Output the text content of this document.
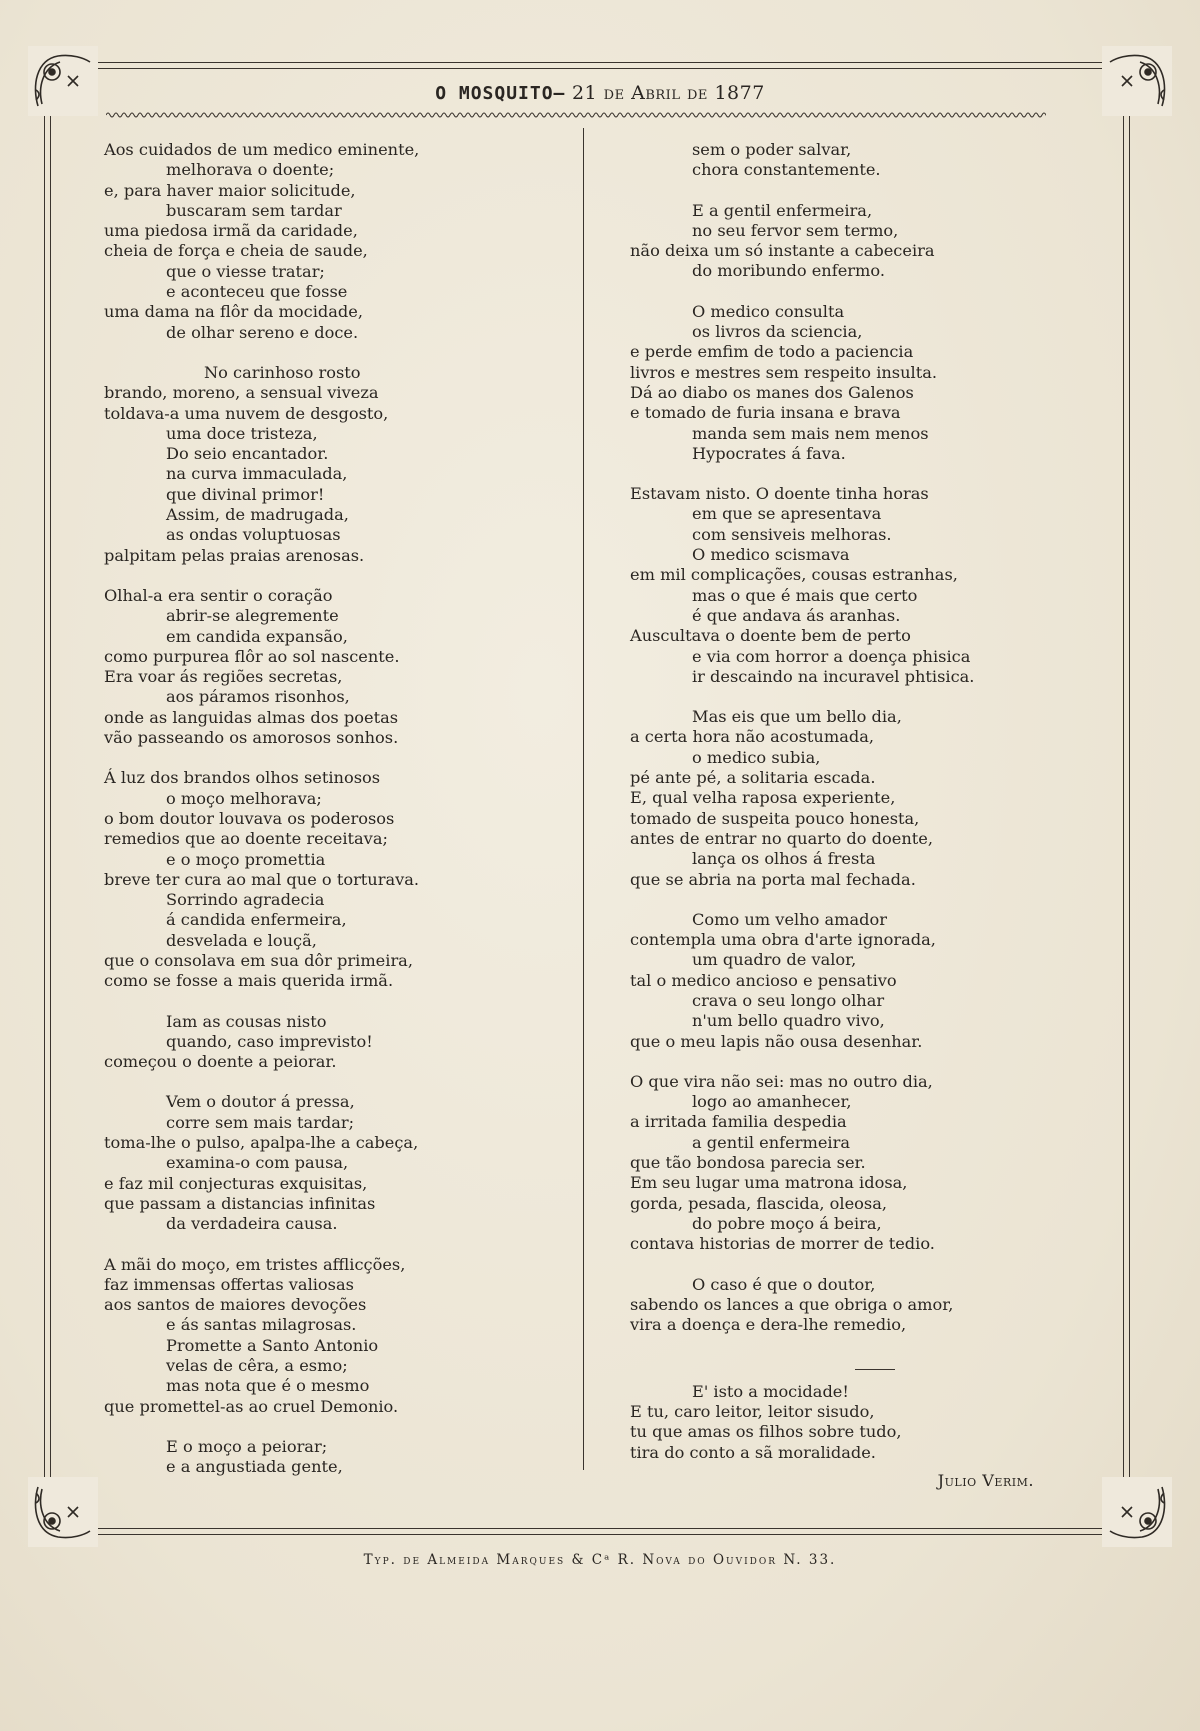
O MOSQUITO— 21 de Abril de 1877
Aos cuidados de um medico eminente,
melhorava o doente;
e, para haver maior solicitude,
buscaram sem tardar
uma piedosa irmã da caridade,
cheia de força e cheia de saude,
que o viesse tratar;
e aconteceu que fosse
uma dama na flôr da mocidade,
de olhar sereno e doce.
No carinhoso rosto
brando, moreno, a sensual viveza
toldava-a uma nuvem de desgosto,
uma doce tristeza,
Do seio encantador.
na curva immaculada,
que divinal primor!
Assim, de madrugada,
as ondas voluptuosas
palpitam pelas praias arenosas.
Olhal-a era sentir o coração
abrir-se alegremente
em candida expansão,
como purpurea flôr ao sol nascente.
Era voar ás regiões secretas,
aos páramos risonhos,
onde as languidas almas dos poetas
vão passeando os amorosos sonhos.
Á luz dos brandos olhos setinosos
o moço melhorava;
o bom doutor louvava os poderosos
remedios que ao doente receitava;
e o moço promettia
breve ter cura ao mal que o torturava.
Sorrindo agradecia
á candida enfermeira,
desvelada e louçã,
que o consolava em sua dôr primeira,
como se fosse a mais querida irmã.
Iam as cousas nisto
quando, caso imprevisto!
começou o doente a peiorar.
Vem o doutor á pressa,
corre sem mais tardar;
toma-lhe o pulso, apalpa-lhe a cabeça,
examina-o com pausa,
e faz mil conjecturas exquisitas,
que passam a distancias infinitas
da verdadeira causa.
A mãi do moço, em tristes afflicções,
faz immensas offertas valiosas
aos santos de maiores devoções
e ás santas milagrosas.
Promette a Santo Antonio
velas de cêra, a esmo;
mas nota que é o mesmo
que promettel-as ao cruel Demonio.
E o moço a peiorar;
e a angustiada gente,
sem o poder salvar,
chora constantemente.
E a gentil enfermeira,
no seu fervor sem termo,
não deixa um só instante a cabeceira
do moribundo enfermo.
O medico consulta
os livros da sciencia,
e perde emfim de todo a paciencia
livros e mestres sem respeito insulta.
Dá ao diabo os manes dos Galenos
e tomado de furia insana e brava
manda sem mais nem menos
Hypocrates á fava.
Estavam nisto. O doente tinha horas
em que se apresentava
com sensiveis melhoras.
O medico scismava
em mil complicações, cousas estranhas,
mas o que é mais que certo
é que andava ás aranhas.
Auscultava o doente bem de perto
e via com horror a doença phisica
ir descaindo na incuravel phtisica.
Mas eis que um bello dia,
a certa hora não acostumada,
o medico subia,
pé ante pé, a solitaria escada.
E, qual velha raposa experiente,
tomado de suspeita pouco honesta,
antes de entrar no quarto do doente,
lança os olhos á fresta
que se abria na porta mal fechada.
Como um velho amador
contempla uma obra d'arte ignorada,
um quadro de valor,
tal o medico ancioso e pensativo
crava o seu longo olhar
n'um bello quadro vivo,
que o meu lapis não ousa desenhar.
O que vira não sei: mas no outro dia,
logo ao amanhecer,
a irritada familia despedia
a gentil enfermeira
que tão bondosa parecia ser.
Em seu lugar uma matrona idosa,
gorda, pesada, flascida, oleosa,
do pobre moço á beira,
contava historias de morrer de tedio.
O caso é que o doutor,
sabendo os lances a que obriga o amor,
vira a doença e dera-lhe remedio,
E' isto a mocidade!
E tu, caro leitor, leitor sisudo,
tu que amas os filhos sobre tudo,
tira do conto a sã moralidade.
Julio Verim.
Typ. de Almeida Marques & Cᵃ R. Nova do Ouvidor N. 33.
